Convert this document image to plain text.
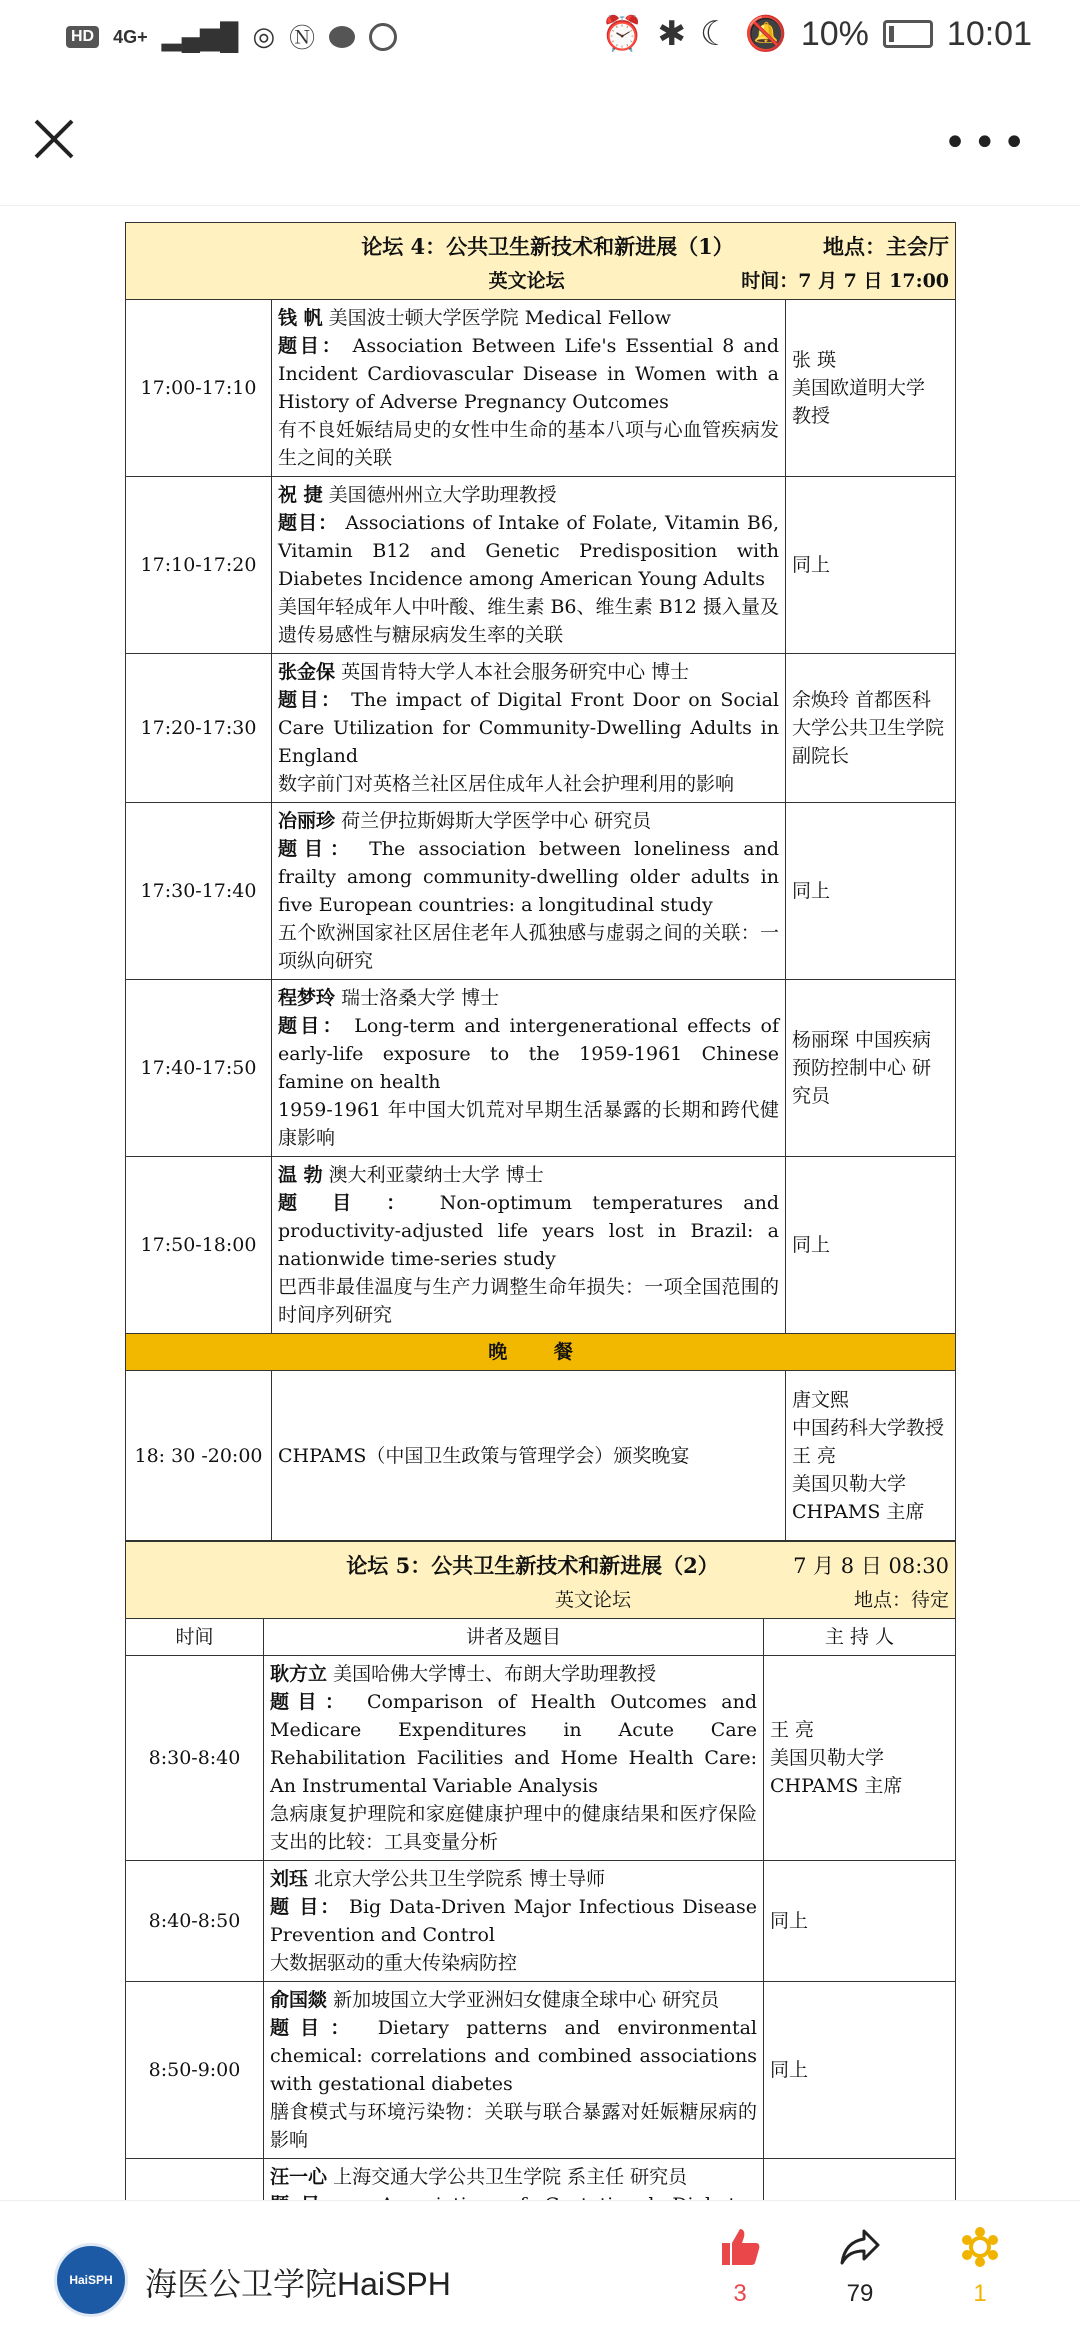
HD 4G+ ▂▄▆█ ◎ Ⓝ	⏰ ✱ ☾ 🔕 10% 10:01
•••
论坛 4：公共卫生新技术和新进展（1） 地点：主会厅
英文论坛 时间：7 月 7 日 17:00		

17:00-17:10	钱 帆 美国波士顿大学医学院 Medical Fellow
题目： Association Between Life's Essential 8 and Incident Cardiovascular Disease in Women with a History of Adverse Pregnancy Outcomes
有不良妊娠结局史的女性中生命的基本八项与心血管疾病发生之间的关联	张 瑛
美国欧道明大学 教授
17:10-17:20	祝 捷 美国德州州立大学助理教授
题目： Associations of Intake of Folate, Vitamin B6, Vitamin B12 and Genetic Predisposition with Diabetes Incidence among American Young Adults
美国年轻成年人中叶酸、维生素 B6、维生素 B12 摄入量及遗传易感性与糖尿病发生率的关联	同上
17:20-17:30	张金保 英国肯特大学人本社会服务研究中心 博士
题目： The impact of Digital Front Door on Social Care Utilization for Community-Dwelling Adults in England
数字前门对英格兰社区居住成年人社会护理利用的影响	余焕玲 首都医科大学公共卫生学院副院长
17:30-17:40	冶丽珍 荷兰伊拉斯姆斯大学医学中心 研究员
题目： The association between loneliness and frailty among community-dwelling older adults in five European countries: a longitudinal study
五个欧洲国家社区居住老年人孤独感与虚弱之间的关联：一项纵向研究	同上
17:40-17:50	程梦玲 瑞士洛桑大学 博士
题目： Long-term and intergenerational effects of early-life exposure to the 1959-1961 Chinese famine on health
1959-1961 年中国大饥荒对早期生活暴露的长期和跨代健康影响	杨丽琛 中国疾病预防控制中心 研究员
17:50-18:00	温 勃 澳大利亚蒙纳士大学 博士
题 目 ： Non-optimum temperatures and productivity-adjusted life years lost in Brazil: a nationwide time-series study
巴西非最佳温度与生产力调整生命年损失：一项全国范围的时间序列研究	同上
晚 餐		
18: 30 -20:00	CHPAMS（中国卫生政策与管理学会）颁奖晚宴	唐文熙
中国药科大学教授
王 亮
美国贝勒大学 CHPAMS 主席
论坛 5：公共卫生新技术和新进展（2） 7 月 8 日 08:30
英文论坛 地点：待定		

时间	讲者及题目	主 持 人
8:30-8:40	耿方立 美国哈佛大学博士、布朗大学助理教授
题目： Comparison of Health Outcomes and Medicare Expenditures in Acute Care Rehabilitation Facilities and Home Health Care: An Instrumental Variable Analysis
急病康复护理院和家庭健康护理中的健康结果和医疗保险支出的比较：工具变量分析	王 亮
美国贝勒大学 CHPAMS 主席
8:40-8:50	刘珏 北京大学公共卫生学院系 博士导师
题 目： Big Data-Driven Major Infectious Disease Prevention and Control
大数据驱动的重大传染病防控	同上
8:50-9:00	俞国燚 新加坡国立大学亚洲妇女健康全球中心 研究员
题目： Dietary patterns and environmental chemical: correlations and combined associations with gestational diabetes
膳食模式与环境污染物：关联与联合暴露对妊娠糖尿病的影响	同上
	汪一心 上海交通大学公共卫生学院 系主任 研究员

HaiSPH	海医公卫学院HaiSPH	3	79	1
